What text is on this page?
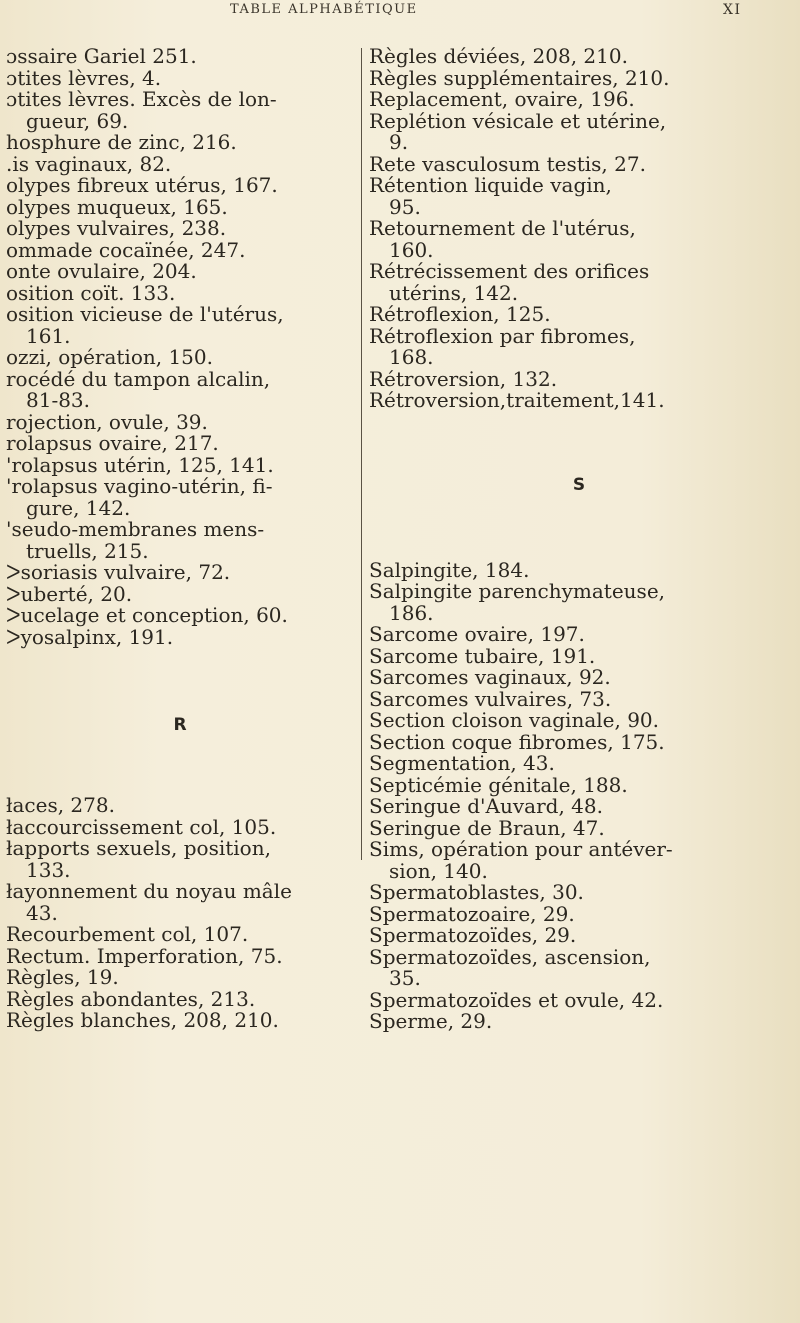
TABLE ALPHABÉTIQUE	XI
ɔssaire Gariel 251.
ɔtites lèvres, 4.
ɔtites lèvres. Excès de lon-
gueur, 69.
hosphure de zinc, 216.
.is vaginaux, 82.
olypes fibreux utérus, 167.
olypes muqueux, 165.
olypes vulvaires, 238.
ommade cocaïnée, 247.
onte ovulaire, 204.
osition coït. 133.
osition vicieuse de l'utérus,
161.
ozzi, opération, 150.
rocédé du tampon alcalin,
81-83.
rojection, ovule, 39.
rolapsus ovaire, 217.
'rolapsus utérin, 125, 141.
'rolapsus vagino-utérin, fi-
gure, 142.
'seudo-membranes mens-
truells, 215.
ᐳsoriasis vulvaire, 72.
ᐳuberté, 20.
ᐳucelage et conception, 60.
ᐳyosalpinx, 191.
R
łaces, 278.
łaccourcissement col, 105.
łapports sexuels, position,
133.
łayonnement du noyau mâle
43.
Recourbement col, 107.
Rectum. Imperforation, 75.
Règles, 19.
Règles abondantes, 213.
Règles blanches, 208, 210.
Règles déviées, 208, 210.
Règles supplémentaires, 210.
Replacement, ovaire, 196.
Replétion vésicale et utérine,
9.
Rete vasculosum testis, 27.
Rétention liquide vagin,
95.
Retournement de l'utérus,
160.
Rétrécissement des orifices
utérins, 142.
Rétroflexion, 125.
Rétroflexion par fibromes,
168.
Rétroversion, 132.
Rétroversion,traitement,141.
S
Salpingite, 184.
Salpingite parenchymateuse,
186.
Sarcome ovaire, 197.
Sarcome tubaire, 191.
Sarcomes vaginaux, 92.
Sarcomes vulvaires, 73.
Section cloison vaginale, 90.
Section coque fibromes, 175.
Segmentation, 43.
Septicémie génitale, 188.
Seringue d'Auvard, 48.
Seringue de Braun, 47.
Sims, opération pour antéver-
sion, 140.
Spermatoblastes, 30.
Spermatozoaire, 29.
Spermatozoïdes, 29.
Spermatozoïdes, ascension,
35.
Spermatozoïdes et ovule, 42.
Sperme, 29.
